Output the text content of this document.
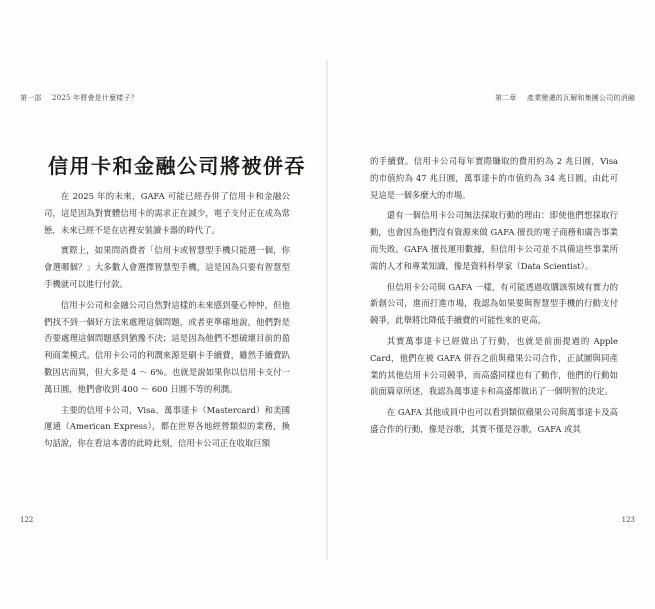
第一部 2025 年將會是什麼樣子？
信用卡和金融公司將被併吞

在 2025 年的未來，GAFA 可能已經吞併了信用卡和金融公司，這是因為對實體信用卡的需求正在減少，電子支付正在成為常態，未來已經不是在店裡安裝讀卡器的時代了。

實際上，如果問消費者「信用卡或智慧型手機只能選一個，你會選哪個？」大多數人會選擇智慧型手機，這是因為只要有智慧型手機就可以進行付款。

信用卡公司和金融公司自然對這樣的未來感到憂心忡忡，但他們找不到一個好方法來處理這個問題，或者更準確地說，他們對是否要處理這個問題感到猶豫不決；這是因為他們不想破壞目前的盈利商業模式。信用卡公司的利潤來源是刷卡手續費，雖然手續費趴數因店而異，但大多是 4 ～ 6%。也就是說如果你以信用卡支付一萬日圓，他們會收到 400 ～ 600 日圓不等的利潤。

主要的信用卡公司，Visa、萬事達卡（Mastercard）和美國運通（American Express），都在世界各地經營類似的業務，換句話說，你在看這本書的此時此刻，信用卡公司正在收取巨額

122
第二章 產業變遷的瓦解和集團公司的消融

的手續費。信用卡公司每年實際賺取的費用約為 2 兆日圓，Visa 的市值約為 47 兆日圓，萬事達卡的市值約為 34 兆日圓，由此可見這是一個多麼大的市場。

還有一個信用卡公司無法採取行動的理由：即使他們想採取行動，也會因為他們沒有資源來做 GAFA 擅長的電子商務和廣告事業而失敗。GAFA 擅長運用數據，但信用卡公司並不具備這些事業所需的人才和專業知識，像是資料科學家（Data Scientist）。

但信用卡公司與 GAFA 一樣，有可能透過收購該領域有實力的新創公司，進而打進市場，我認為如果要與智慧型手機的行動支付競爭，此舉將比降低手續費的可能性來的更高。

其實萬事達卡已經做出了行動，也就是前面提過的 Apple Card，他們在被 GAFA 併吞之前與蘋果公司合作，正試圖與同產業的其他信用卡公司競爭，而高盛同樣也有了動作，他們的行動如前面篇章所述，我認為萬事達卡和高盛都做出了一個明智的決定。

在 GAFA 其他成員中也可以看到類似蘋果公司與萬事達卡及高盛合作的行動，像是谷歌，其實不僅是谷歌，GAFA 或其

123
